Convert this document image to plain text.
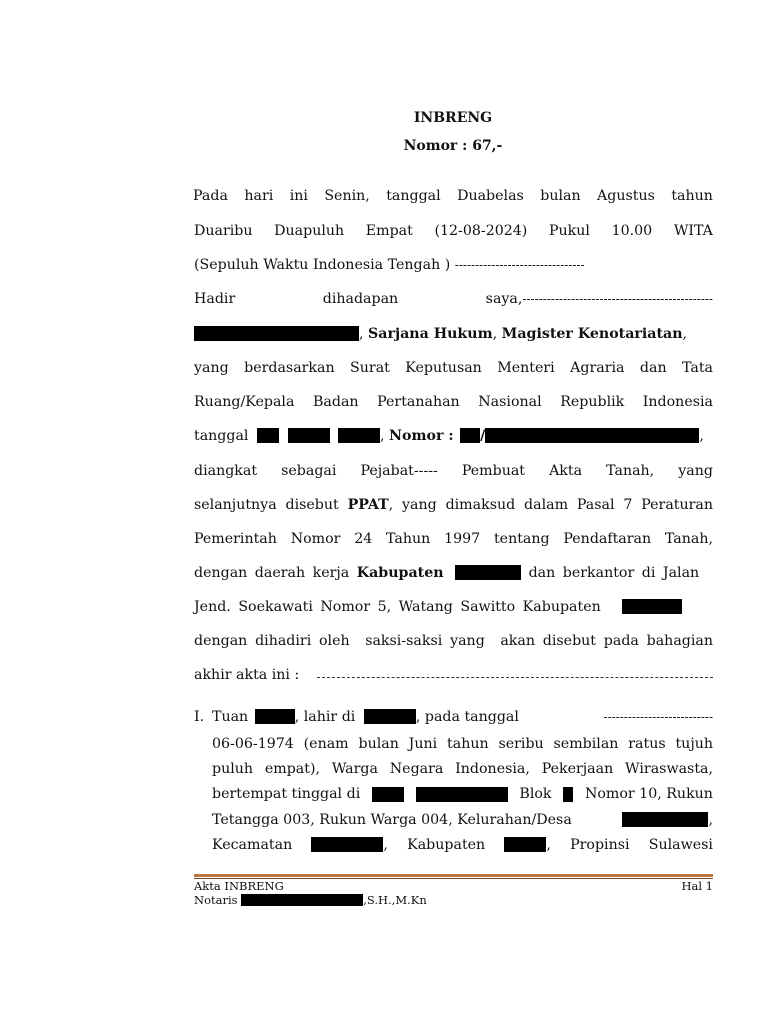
INBRENG
Nomor : 67,-
Pada hari ini Senin, tanggal Duabelas bulan Agustus tahun
Duaribu Duapuluh Empat (12-08-2024) Pukul 10.00 WITA
(Sepuluh Waktu Indonesia Tengah ) --------------------------------
Hadir	dihadapan	saya,-----------------------------------------------
, Sarjana Hukum, Magister Kenotariatan,
yang berdasarkan Surat Keputusan Menteri Agraria dan Tata
Ruang/Kepala Badan Pertanahan Nasional Republik Indonesia
tanggal	, Nomor : /	,
diangkat sebagai Pejabat----- Pembuat Akta Tanah, yang
selanjutnya disebut PPAT, yang dimaksud dalam Pasal 7 Peraturan
Pemerintah Nomor 24 Tahun 1997 tentang Pendaftaran Tanah,
dengan daerah kerja Kabupaten	dan berkantor di Jalan
Jend. Soekawati Nomor 5, Watang Sawitto Kabupaten
dengan dihadiri oleh  saksi-saksi yang  akan disebut pada bahagian
akhir akta ini :
I. Tuan	, lahir di	, pada tanggal	---------------------------
06-06-1974 (enam bulan Juni tahun seribu sembilan ratus tujuh
puluh empat), Warga Negara Indonesia, Pekerjaan Wiraswasta,
bertempat tinggal di	Blok Nomor 10, Rukun
Tetangga 003, Rukun Warga 004, Kelurahan/Desa	,
Kecamatan	, Kabupaten	, Propinsi Sulawesi
Akta INBRENG	Hal 1
Notaris	,S.H.,M.Kn
